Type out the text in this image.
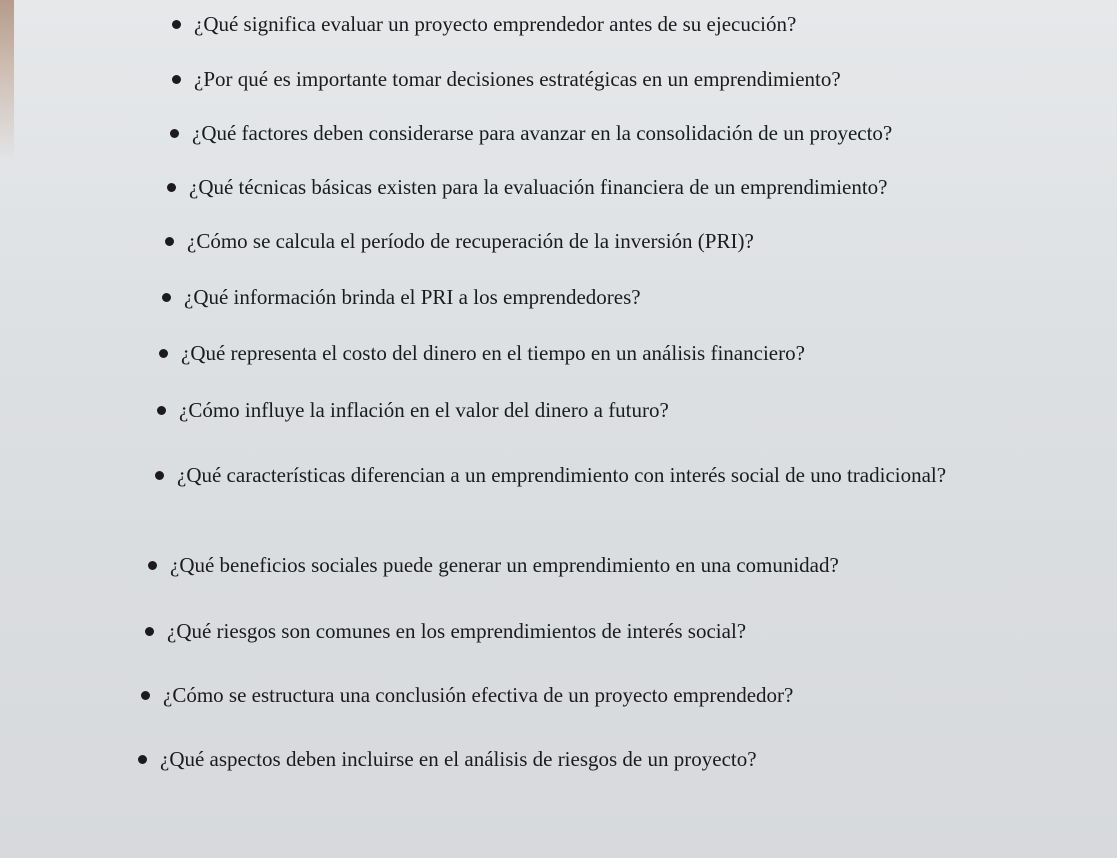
¿Qué significa evaluar un proyecto emprendedor antes de su ejecución?
¿Por qué es importante tomar decisiones estratégicas en un emprendimiento?
¿Qué factores deben considerarse para avanzar en la consolidación de un proyecto?
¿Qué técnicas básicas existen para la evaluación financiera de un emprendimiento?
¿Cómo se calcula el período de recuperación de la inversión (PRI)?
¿Qué información brinda el PRI a los emprendedores?
¿Qué representa el costo del dinero en el tiempo en un análisis financiero?
¿Cómo influye la inflación en el valor del dinero a futuro?
¿Qué características diferencian a un emprendimiento con interés social de uno tradicional?
¿Qué beneficios sociales puede generar un emprendimiento en una comunidad?
¿Qué riesgos son comunes en los emprendimientos de interés social?
¿Cómo se estructura una conclusión efectiva de un proyecto emprendedor?
¿Qué aspectos deben incluirse en el análisis de riesgos de un proyecto?
